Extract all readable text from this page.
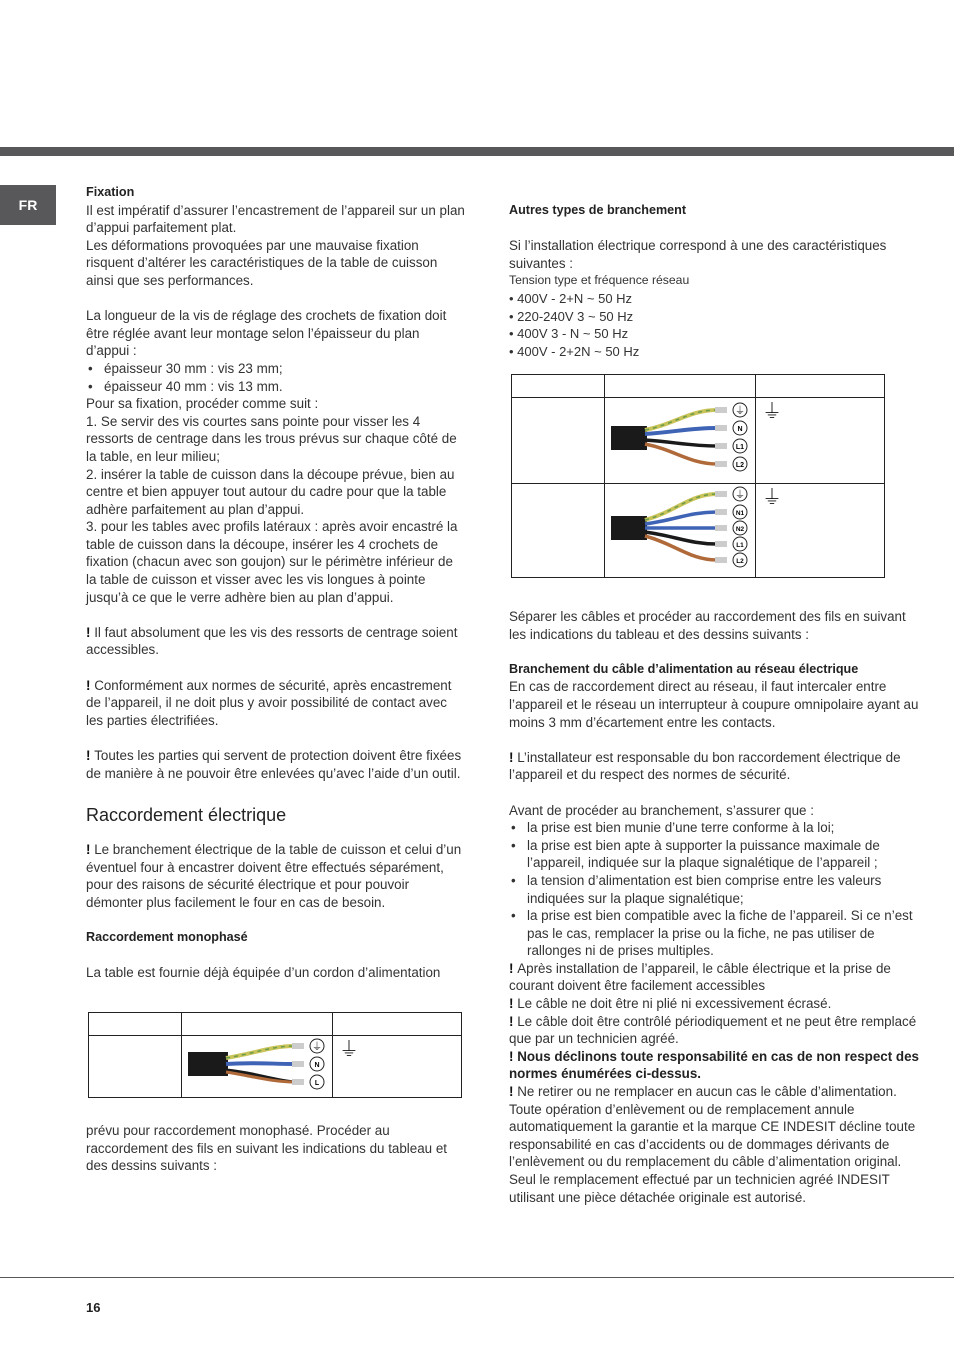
FR

Fixation

Il est impératif d’assurer l’encastrement de l’appareil sur un plan d’appui parfaitement plat.

Les déformations provoquées par une mauvaise fixation risquent d’altérer les caractéristiques de la table de cuisson ainsi que ses performances.

La longueur de la vis de réglage des crochets de fixation doit être réglée avant leur montage selon l’épaisseur du plan d’appui :

• épaisseur 30 mm : vis 23 mm;
• épaisseur 40 mm : vis 13 mm.

Pour sa fixation, procéder comme suit :

1. Se servir des vis courtes sans pointe pour visser les 4 ressorts de centrage dans les trous prévus sur chaque côté de la table, en leur milieu;

2. insérer la table de cuisson dans la découpe prévue, bien au centre et bien appuyer tout autour du cadre pour que la table adhère parfaitement au plan d’appui.

3. pour les tables avec profils latéraux : après avoir encastré la table de cuisson dans la découpe, insérer les 4 crochets de fixation (chacun avec son goujon) sur le périmètre inférieur de la table de cuisson et visser avec les vis longues à pointe jusqu’à ce que le verre adhère bien au plan d’appui.

! Il faut absolument que les vis des ressorts de centrage soient accessibles.

! Conformément aux normes de sécurité, après encastrement de l’appareil, il ne doit plus y avoir possibilité de contact avec les parties électrifiées.

! Toutes les parties qui servent de protection doivent être fixées de manière à ne pouvoir être enlevées qu’avec l’aide d’un outil.

Raccordement électrique

! Le branchement électrique de la table de cuisson et celui d’un éventuel four à encastrer doivent être effectués séparément, pour des raisons de sécurité électrique et pour pouvoir démonter plus facilement le four en cas de besoin.

Raccordement monophasé

La table est fournie déjà équipée d’un cordon d’alimentation

⏚
N
L	⏚

prévu pour raccordement monophasé. Procéder au raccordement des fils en suivant les indications du tableau et des dessins suivants :

Autres types de branchement

Si l’installation électrique correspond à une des caractéristiques suivantes :

Tension type et fréquence réseau

• 400V - 2+N ~ 50 Hz
• 220-240V 3 ~ 50 Hz
• 400V 3 - N ~ 50 Hz
• 400V - 2+2N ~ 50 Hz

⏚
N
L1
L2	⏚

⏚
N1
N2
L1
L2	⏚

Séparer les câbles et procéder au raccordement des fils en suivant les indications du tableau et des dessins suivants :

Branchement du câble d’alimentation au réseau électrique

En cas de raccordement direct au réseau, il faut intercaler entre l’appareil et le réseau un interrupteur à coupure omnipolaire ayant au moins 3 mm d’écartement entre les contacts.

! L’installateur est responsable du bon raccordement électrique de l’appareil et du respect des normes de sécurité.

Avant de procéder au branchement, s’assurer que :

• la prise est bien munie d’une terre conforme à la loi;
• la prise est bien apte à supporter la puissance maximale de l’appareil, indiquée sur la plaque signalétique de l’appareil ;
• la tension d’alimentation est bien comprise entre les valeurs indiquées sur la plaque signalétique;
• la prise est bien compatible avec la fiche de l’appareil. Si ce n’est pas le cas, remplacer la prise ou la fiche, ne pas utiliser de rallonges ni de prises multiples.

! Après installation de l’appareil, le câble électrique et la prise de courant doivent être facilement accessibles

! Le câble ne doit être ni plié ni excessivement écrasé.

! Le câble doit être contrôlé périodiquement et ne peut être remplacé que par un technicien agréé.

! Nous déclinons toute responsabilité en cas de non respect des normes énumérées ci-dessus.

! Ne retirer ou ne remplacer en aucun cas le câble d’alimentation. Toute opération d’enlèvement ou de remplacement annule automatiquement la garantie et la marque CE INDESIT décline toute responsabilité en cas d’accidents ou de dommages dérivants de l’enlèvement ou du remplacement du câble d’alimentation original. Seul le remplacement effectué par un technicien agréé INDESIT utilisant une pièce détachée originale est autorisé.

16
